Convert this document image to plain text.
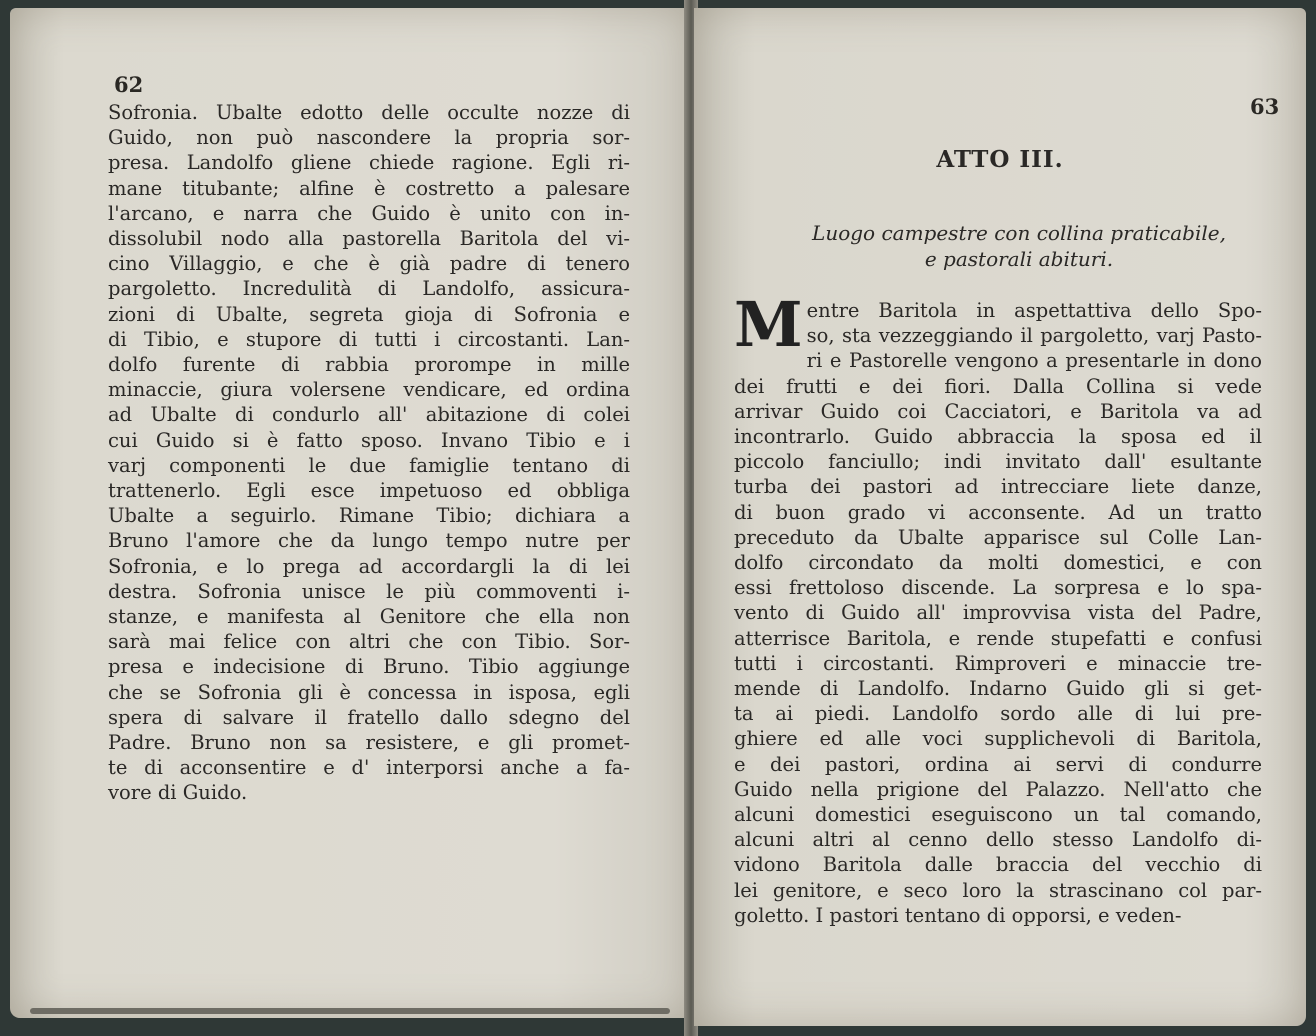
62
Sofronia. Ubalte edotto delle occulte nozze di
Guido, non può nascondere la propria sor-
presa. Landolfo gliene chiede ragione. Egli ri-
mane titubante; alfine è costretto a palesare
l'arcano, e narra che Guido è unito con in-
dissolubil nodo alla pastorella Baritola del vi-
cino Villaggio, e che è già padre di tenero
pargoletto. Incredulità di Landolfo, assicura-
zioni di Ubalte, segreta gioja di Sofronia e
di Tibio, e stupore di tutti i circostanti. Lan-
dolfo furente di rabbia prorompe in mille
minaccie, giura volersene vendicare, ed ordina
ad Ubalte di condurlo all' abitazione di colei
cui Guido si è fatto sposo. Invano Tibio e i
varj componenti le due famiglie tentano di
trattenerlo. Egli esce impetuoso ed obbliga
Ubalte a seguirlo. Rimane Tibio; dichiara a
Bruno l'amore che da lungo tempo nutre per
Sofronia, e lo prega ad accordargli la di lei
destra. Sofronia unisce le più commoventi i-
stanze, e manifesta al Genitore che ella non
sarà mai felice con altri che con Tibio. Sor-
presa e indecisione di Bruno. Tibio aggiunge
che se Sofronia gli è concessa in isposa, egli
spera di salvare il fratello dallo sdegno del
Padre. Bruno non sa resistere, e gli promet-
te di acconsentire e d' interporsi anche a fa-
vore di Guido.
63
ATTO III.
Luogo campestre con collina praticabile,
e pastorali abituri.
M entre Baritola in aspettattiva dello Spo-
so, sta vezzeggiando il pargoletto, varj Pasto-
ri e Pastorelle vengono a presentarle in dono
dei frutti e dei fiori. Dalla Collina si vede
arrivar Guido coi Cacciatori, e Baritola va ad
incontrarlo. Guido abbraccia la sposa ed il
piccolo fanciullo; indi invitato dall' esultante
turba dei pastori ad intrecciare liete danze,
di buon grado vi acconsente. Ad un tratto
preceduto da Ubalte apparisce sul Colle Lan-
dolfo circondato da molti domestici, e con
essi frettoloso discende. La sorpresa e lo spa-
vento di Guido all' improvvisa vista del Padre,
atterrisce Baritola, e rende stupefatti e confusi
tutti i circostanti. Rimproveri e minaccie tre-
mende di Landolfo. Indarno Guido gli si get-
ta ai piedi. Landolfo sordo alle di lui pre-
ghiere ed alle voci supplichevoli di Baritola,
e dei pastori, ordina ai servi di condurre
Guido nella prigione del Palazzo. Nell'atto che
alcuni domestici eseguiscono un tal comando,
alcuni altri al cenno dello stesso Landolfo di-
vidono Baritola dalle braccia del vecchio di
lei genitore, e seco loro la strascinano col par-
goletto. I pastori tentano di opporsi, e veden-
